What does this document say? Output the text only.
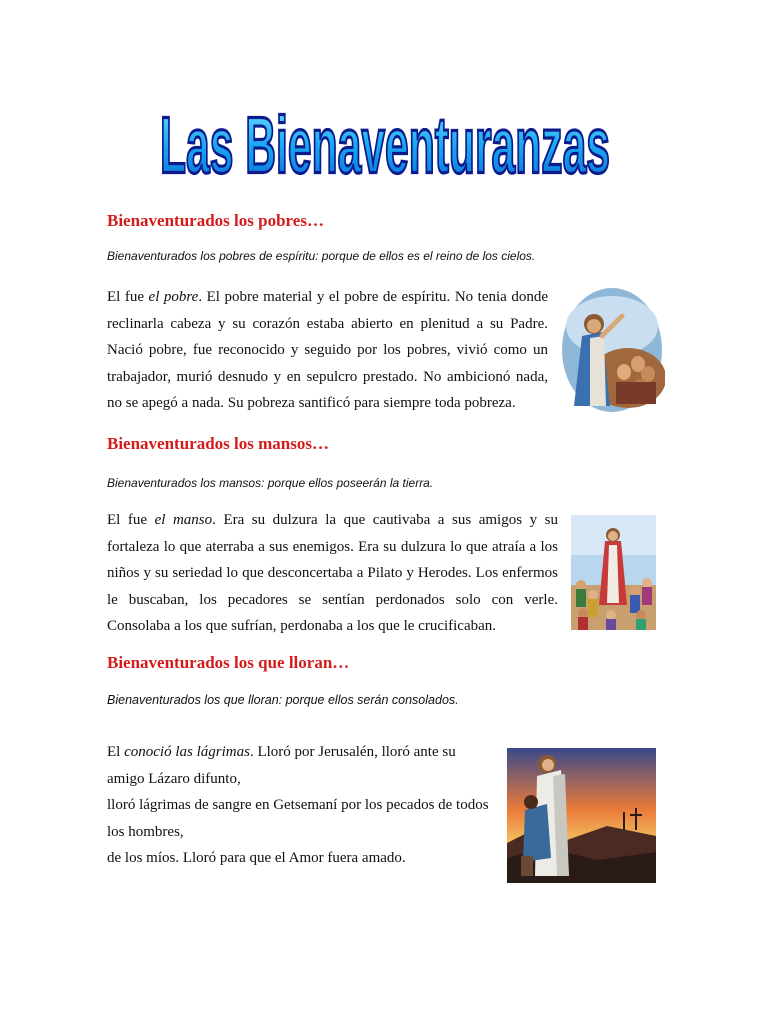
Las Bienaventuranzas
Bienaventurados los pobres…

Bienaventurados los pobres de espíritu: porque de ellos es el reino de los cielos.

El fue el pobre. El pobre material y el pobre de espíritu. No tenia donde reclinarla cabeza y su corazón estaba abierto en plenitud a su Padre. Nació pobre, fue reconocido y seguido por los pobres, vivió como un trabajador, murió desnudo y en sepulcro prestado. No ambicionó nada, no se apegó a nada. Su pobreza santificó para siempre toda pobreza.

Bienaventurados los mansos…

Bienaventurados los mansos: porque ellos poseerán la tierra.

El fue el manso. Era su dulzura la que cautivaba a sus amigos y su fortaleza lo que aterraba a sus enemigos. Era su dulzura lo que atraía a los niños y su seriedad lo que desconcertaba a Pilato y Herodes. Los enfermos le buscaban, los pecadores se sentían perdonados solo con verle. Consolaba a los que sufrían, perdonaba a los que le crucificaban.

Bienaventurados los que lloran…

Bienaventurados los que lloran: porque ellos serán consolados.

El conoció las lágrimas. Lloró por Jerusalén, lloró ante su
amigo Lázaro difunto,
lloró lágrimas de sangre en Getsemaní por los pecados de todos
los hombres,
de los míos. Lloró para que el Amor fuera amado.
